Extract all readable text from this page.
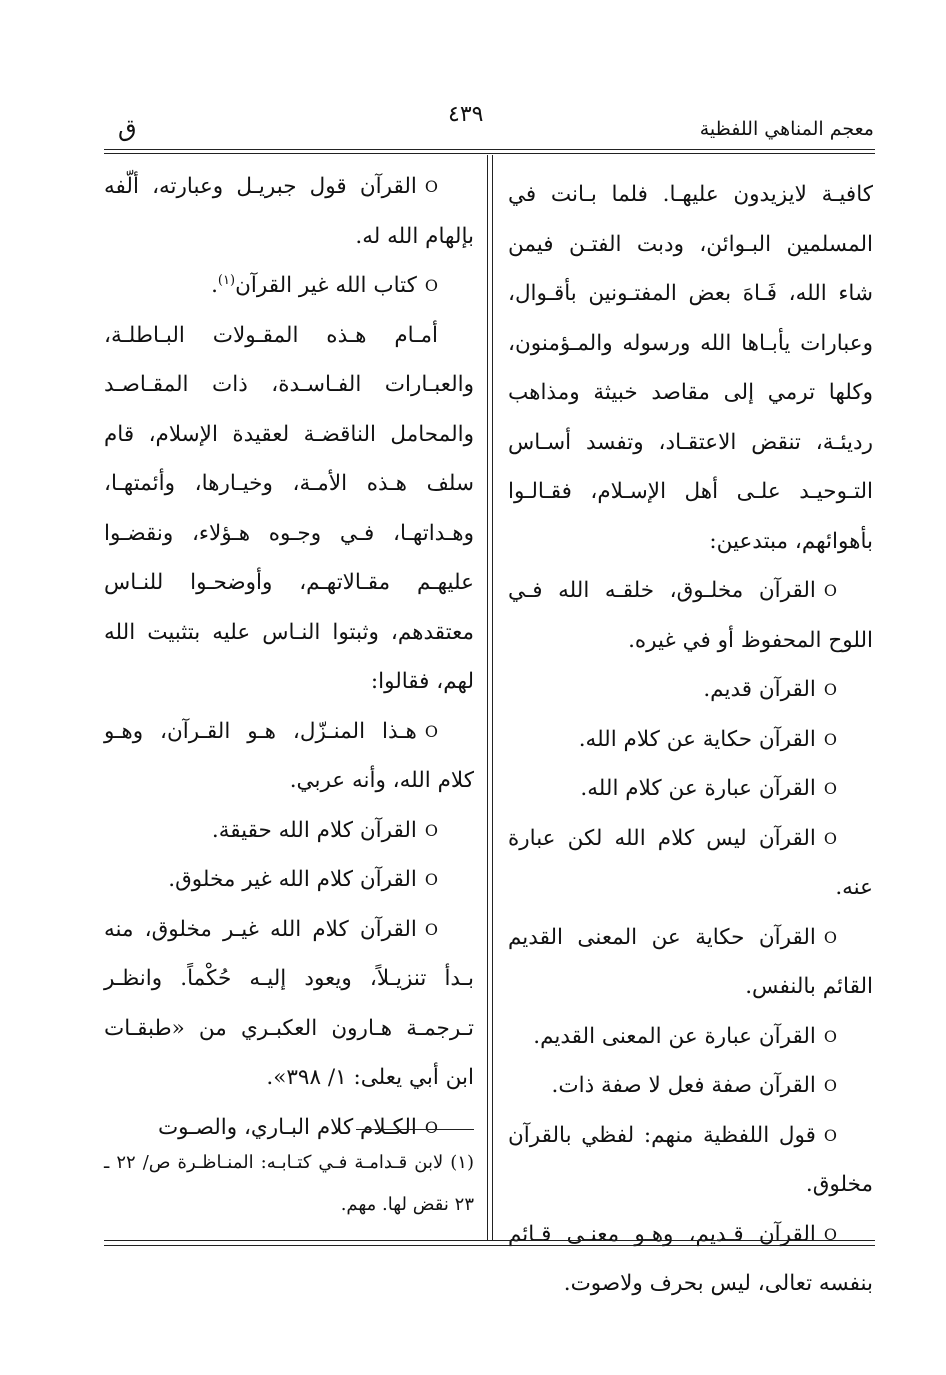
معجم المناهي اللفظية
٤٣٩
ق

كافيـة لايزيدون عليهـا. فلما بـانت في المسلمين البـوائن، ودبت الفتـن فيمن شاء الله، فَـاهَ بعض المفتـونين بأقـوال، وعبارات يأبـاها الله ورسوله والمـؤمنون، وكلها ترمي إلى مقاصد خبيثة ومذاهب رديئـة، تنقض الاعتقـاد، وتفسد أسـاس التـوحيـد علـى أهل الإسـلام، فقـالـوا بأهوائهم، مبتدعين:

Oالقرآن مخلـوق، خلقـه الله فـي اللوح المحفوظ أو في غيره.

Oالقرآن قديم.

Oالقرآن حكاية عن كلام الله.

Oالقرآن عبارة عن كلام الله.

Oالقرآن ليس كلام الله لكن عبارة عنه.

Oالقرآن حكاية عن المعنى القديم القائم بالنفس.

Oالقرآن عبارة عن المعنى القديم.

Oالقرآن صفة فعل لا صفة ذات.

Oقول اللفظية منهم: لفظي بالقرآن مخلوق.

Oالقرآن قـديم، وهـو معنـى قـائم بنفسه تعالى، ليس بحرف ولاصوت.

Oالقرآن قول جبريـل وعبارته، ألّفه بإلهام الله له.

Oكتاب الله غير القرآن$^{(١)}$.

أمـام هـذه المقـولات البـاطلـة، والعبـارات الفـاسـدة، ذات المقـاصـد والمحامل الناقضـة لعقيدة الإسلام، قام سلف هـذه الأمـة، وخيـارها، وأئمتهـا، وهـداتهـا، فـي وجـوه هـؤلاء، ونقضـوا عليهـم مقـالاتهـم، وأوضحـوا للنـاس معتقدهم، وثبتوا النـاس عليه بتثبيت الله لهم، فقالوا:

Oهـذا المنـزّل، هـو القـرآن، وهـو كلام الله، وأنه عربي.

Oالقرآن كلام الله حقيقة.

Oالقرآن كلام الله غير مخلوق.

Oالقرآن كلام الله غيـر مخلوق، منه بـدأ تنزيـلاً، ويعود إليـه حُكْماً. وانظـر تـرجمـة هـارون العكبـري من «طبقـات ابن أبي يعلى: ١/ ٣٩٨».

Oالكـلام كلام البـاري، والصـوت

(١) لابن قـدامـة فـي كتـابـه: المنـاظـرة ص/ ٢٢ ـ ٢٣ نقض لها. مهم.
